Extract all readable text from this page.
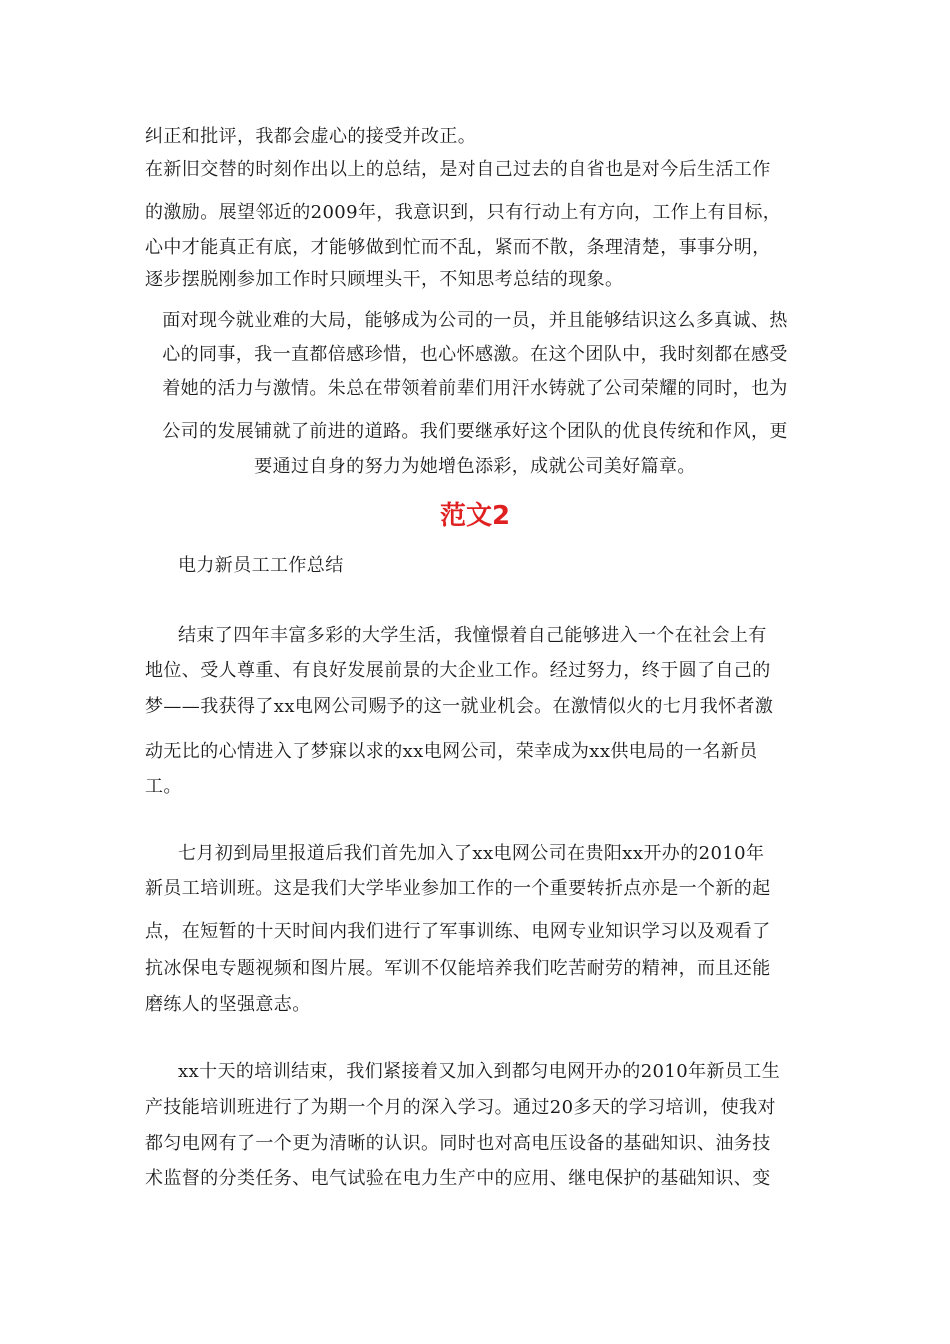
纠正和批评，我都会虚心的接受并改正。
在新旧交替的时刻作出以上的总结，是对自己过去的自省也是对今后生活工作
的激励。展望邻近的2009年，我意识到，只有行动上有方向，工作上有目标，
心中才能真正有底，才能够做到忙而不乱，紧而不散，条理清楚，事事分明，
逐步摆脱刚参加工作时只顾埋头干，不知思考总结的现象。
面对现今就业难的大局，能够成为公司的一员，并且能够结识这么多真诚、热
心的同事，我一直都倍感珍惜，也心怀感激。在这个团队中，我时刻都在感受
着她的活力与激情。朱总在带领着前辈们用汗水铸就了公司荣耀的同时，也为
公司的发展铺就了前进的道路。我们要继承好这个团队的优良传统和作风，更
要通过自身的努力为她增色添彩，成就公司美好篇章。
范文2
电力新员工工作总结
结束了四年丰富多彩的大学生活，我憧憬着自己能够进入一个在社会上有
地位、受人尊重、有良好发展前景的大企业工作。经过努力，终于圆了自己的
梦——我获得了xx电网公司赐予的这一就业机会。在激情似火的七月我怀者激
动无比的心情进入了梦寐以求的xx电网公司，荣幸成为xx供电局的一名新员
工。
七月初到局里报道后我们首先加入了xx电网公司在贵阳xx开办的2010年
新员工培训班。这是我们大学毕业参加工作的一个重要转折点亦是一个新的起
点，在短暂的十天时间内我们进行了军事训练、电网专业知识学习以及观看了
抗冰保电专题视频和图片展。军训不仅能培养我们吃苦耐劳的精神，而且还能
磨练人的坚强意志。
xx十天的培训结束，我们紧接着又加入到都匀电网开办的2010年新员工生
产技能培训班进行了为期一个月的深入学习。通过20多天的学习培训，使我对
都匀电网有了一个更为清晰的认识。同时也对高电压设备的基础知识、油务技
术监督的分类任务、电气试验在电力生产中的应用、继电保护的基础知识、变
